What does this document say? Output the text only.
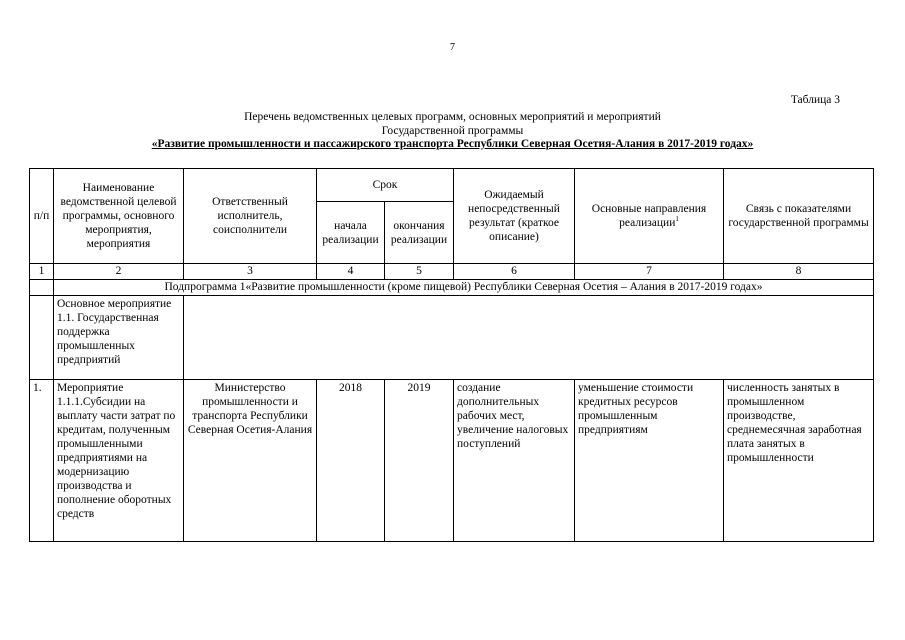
7
Таблица 3
Перечень ведомственных целевых программ, основных мероприятий и мероприятий
Государственной программы
«Развитие промышленности и пассажирского транспорта Республики Северная Осетия-Алания в 2017-2019 годах»
п/п	Наименование ведомственной целевой программы, основного мероприятия, мероприятия	Ответственный исполнитель, соисполнители	Срок		Ожидаемый непосредственный результат (краткое описание)	Основные направления реализации$^1$	Связь с показателями государственной программы
			начала реализации	окончания реализации			
1	2	3	4	5	6	7	8
	Подпрограмма 1«Развитие промышленности (кроме пищевой) Республики Северная Осетия – Алания в 2017-2019 годах»						
	Основное мероприятие 1.1. Государственная поддержка промышленных предприятий						
1.	Мероприятие 1.1.1.Субсидии на выплату части затрат по кредитам, полученным промышленными предприятиями на модернизацию производства и пополнение оборотных средств	Министерство промышленности и транспорта Республики Северная Осетия-Алания	2018	2019	создание дополнительных рабочих мест, увеличение налоговых поступлений	уменьшение стоимости кредитных ресурсов промышленным предприятиям	численность занятых в промышленном производстве, среднемесячная заработная плата занятых в промышленности
